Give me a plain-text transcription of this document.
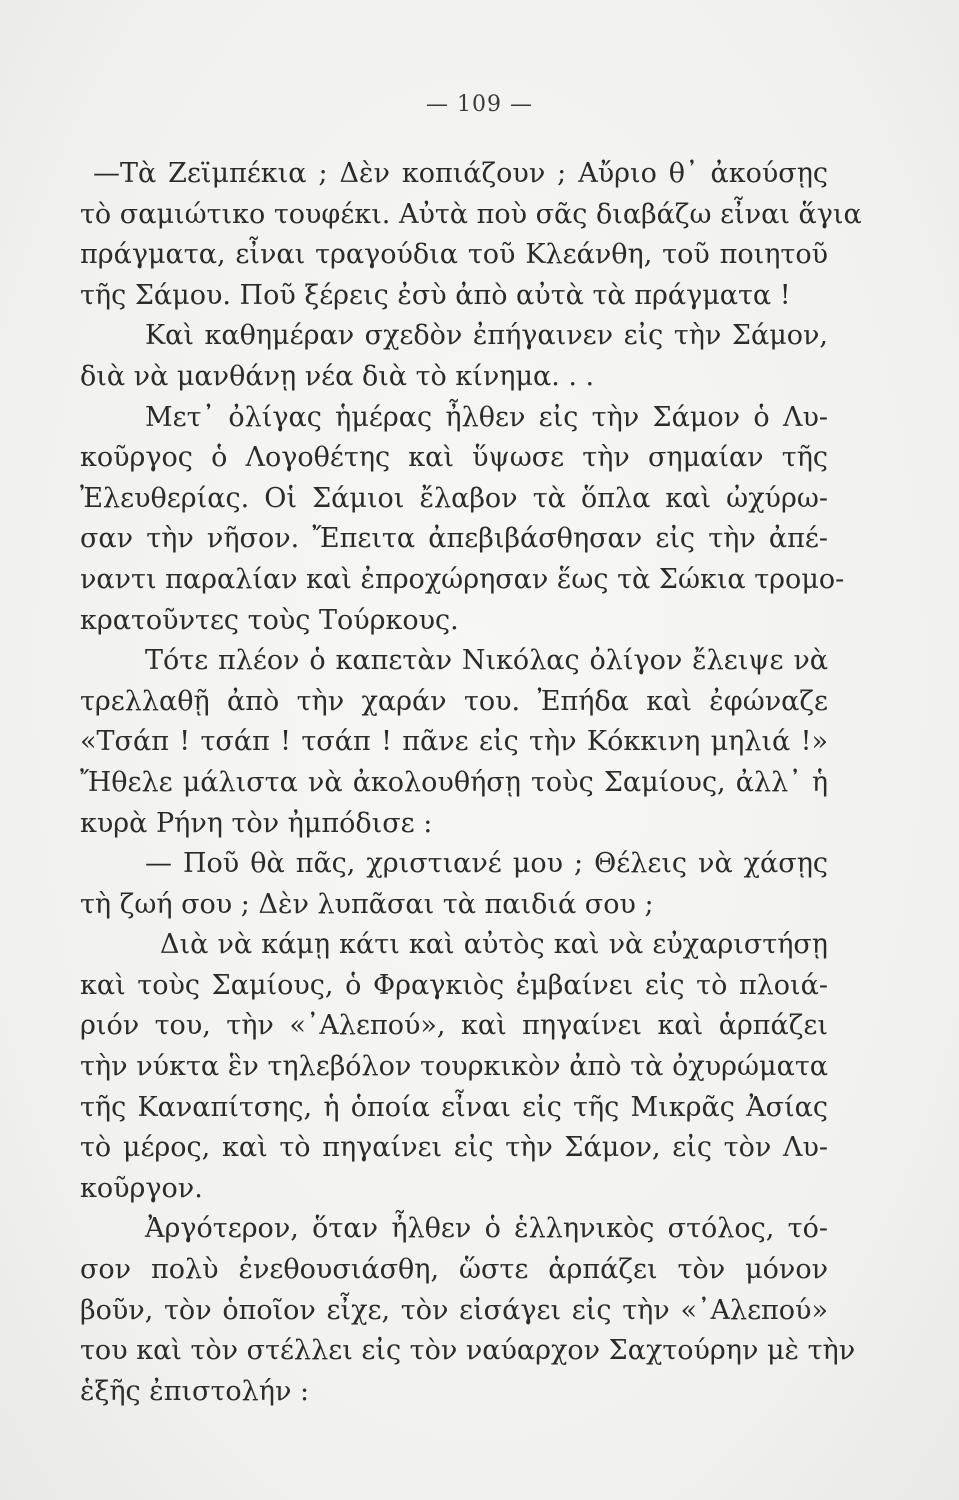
— 109 —
—Τὰ Ζεϊμπέκια ; Δὲν κοπιάζουν ; Αὔριο θ᾿ ἀκούσῃς
τὸ σαμιώτικο τουφέκι. Αὐτὰ ποὺ σᾶς διαβάζω εἶναι ἅγια
πράγματα, εἶναι τραγούδια τοῦ Κλεάνθη, τοῦ ποιητοῦ
τῆς Σάμου. Ποῦ ξέρεις ἐσὺ ἀπὸ αὐτὰ τὰ πράγματα !
Καὶ καθημέραν σχεδὸν ἐπήγαινεν εἰς τὴν Σάμον,
διὰ νὰ μανθάνῃ νέα διὰ τὸ κίνημα. . .
Μετ᾿ ὀλίγας ἡμέρας ἦλθεν εἰς τὴν Σάμον ὁ Λυ-
κοῦργος ὁ Λογοθέτης καὶ ὕψωσε τὴν σημαίαν τῆς
Ἐλευθερίας. Οἱ Σάμιοι ἔλαβον τὰ ὅπλα καὶ ὠχύρω-
σαν τὴν νῆσον. Ἔπειτα ἀπεβιβάσθησαν εἰς τὴν ἀπέ-
ναντι παραλίαν καὶ ἐπροχώρησαν ἕως τὰ Σώκια τρομο-
κρατοῦντες τοὺς Τούρκους.
Τότε πλέον ὁ καπετὰν Νικόλας ὀλίγον ἔλειψε νὰ
τρελλαθῇ ἀπὸ τὴν χαράν του. Ἐπήδα καὶ ἐφώναζε
«Τσάπ ! τσάπ ! τσάπ ! πᾶνε εἰς τὴν Κόκκινη μηλιά !»
Ἤθελε μάλιστα νὰ ἀκολουθήσῃ τοὺς Σαμίους, ἀλλ᾿ ἡ
κυρὰ Ρήνη τὸν ἠμπόδισε :
— Ποῦ θὰ πᾶς, χριστιανέ μου ; Θέλεις νὰ χάσῃς
τὴ ζωή σου ; Δὲν λυπᾶσαι τὰ παιδιά σου ;
Διὰ νὰ κάμῃ κάτι καὶ αὐτὸς καὶ νὰ εὐχαριστήσῃ
καὶ τοὺς Σαμίους, ὁ Φραγκιὸς ἐμβαίνει εἰς τὸ πλοιά-
ριόν του, τὴν «᾿Αλεπού», καὶ πηγαίνει καὶ ἁρπάζει
τὴν νύκτα ἓν τηλεβόλον τουρκικὸν ἀπὸ τὰ ὀχυρώματα
τῆς Καναπίτσης, ἡ ὁποία εἶναι εἰς τῆς Μικρᾶς Ἀσίας
τὸ μέρος, καὶ τὸ πηγαίνει εἰς τὴν Σάμον, εἰς τὸν Λυ-
κοῦργον.
Ἀργότερον, ὅταν ἦλθεν ὁ ἑλληνικὸς στόλος, τό-
σον πολὺ ἐνεθουσιάσθη, ὥστε ἁρπάζει τὸν μόνον
βοῦν, τὸν ὁποῖον εἶχε, τὸν εἰσάγει εἰς τὴν «᾿Αλεπού»
του καὶ τὸν στέλλει εἰς τὸν ναύαρχον Σαχτούρην μὲ τὴν
ἑξῆς ἐπιστολήν :
